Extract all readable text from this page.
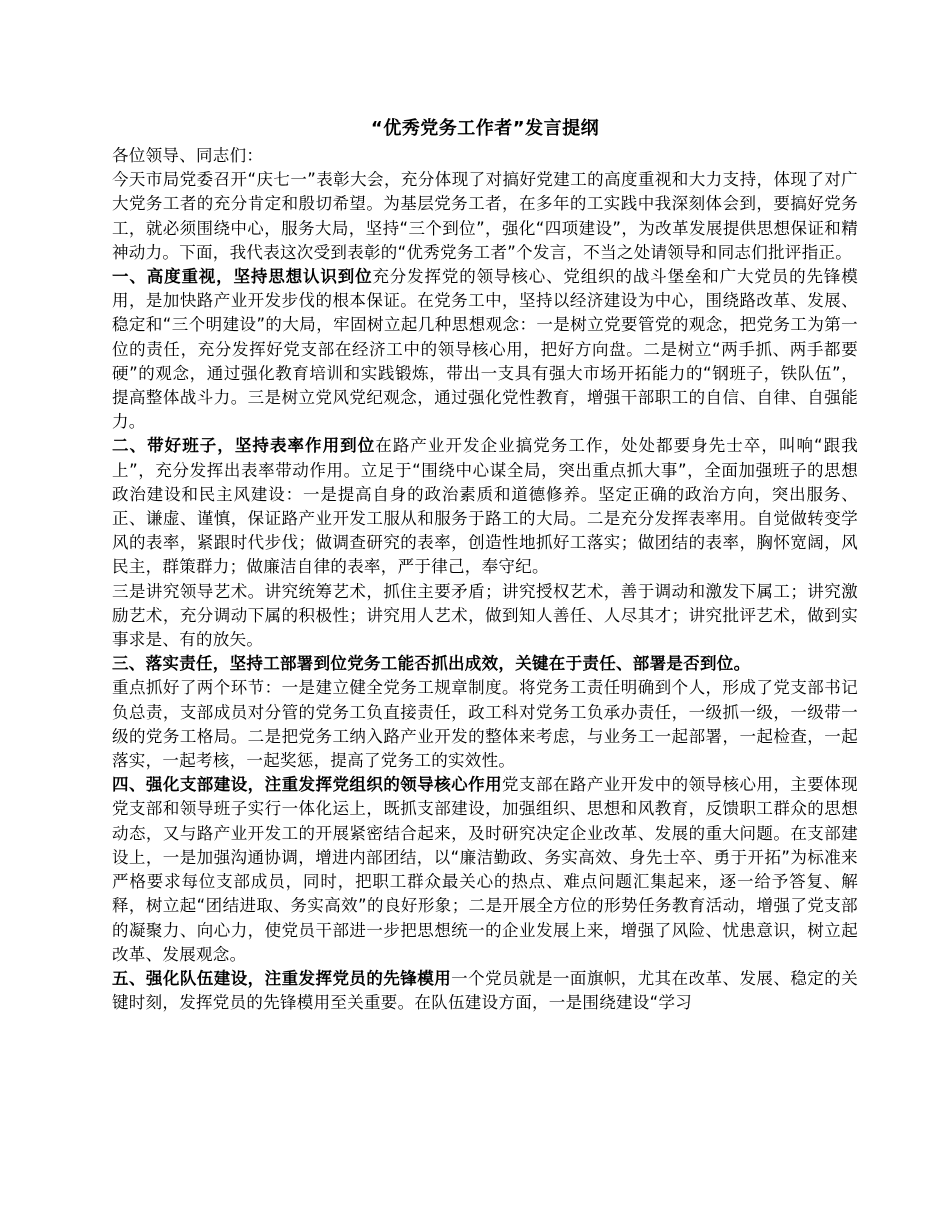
“优秀党务工作者”发言提纲

各位领导、同志们：

今天市局党委召开“庆七一”表彰大会，充分体现了对搞好党建工的高度重视和大力支持，体现了对广大党务工者的充分肯定和殷切希望。为基层党务工者，在多年的工实践中我深刻体会到，要搞好党务工，就必须围绕中心，服务大局，坚持“三个到位”，强化“四项建设”，为改革发展提供思想保证和精神动力。下面，我代表这次受到表彰的“优秀党务工者”个发言，不当之处请领导和同志们批评指正。

一、高度重视，坚持思想认识到位充分发挥党的领导核心、党组织的战斗堡垒和广大党员的先锋模用，是加快路产业开发步伐的根本保证。在党务工中，坚持以经济建设为中心，围绕路改革、发展、稳定和“三个明建设”的大局，牢固树立起几种思想观念：一是树立党要管党的观念，把党务工为第一位的责任，充分发挥好党支部在经济工中的领导核心用，把好方向盘。二是树立“两手抓、两手都要硬”的观念，通过强化教育培训和实践锻炼，带出一支具有强大市场开拓能力的“钢班子，铁队伍”，提高整体战斗力。三是树立党风党纪观念，通过强化党性教育，增强干部职工的自信、自律、自强能力。

二、带好班子，坚持表率作用到位在路产业开发企业搞党务工作，处处都要身先士卒，叫响“跟我上”，充分发挥出表率带动作用。立足于“围绕中心谋全局，突出重点抓大事”，全面加强班子的思想政治建设和民主风建设：一是提高自身的政治素质和道德修养。坚定正确的政治方向，突出服务、正、谦虚、谨慎，保证路产业开发工服从和服务于路工的大局。二是充分发挥表率用。自觉做转变学风的表率，紧跟时代步伐；做调查研究的表率，创造性地抓好工落实；做团结的表率，胸怀宽阔，风民主，群策群力；做廉洁自律的表率，严于律己，奉守纪。

三是讲究领导艺术。讲究统筹艺术，抓住主要矛盾；讲究授权艺术，善于调动和激发下属工；讲究激励艺术，充分调动下属的积极性；讲究用人艺术，做到知人善任、人尽其才；讲究批评艺术，做到实事求是、有的放矢。

三、落实责任，坚持工部署到位党务工能否抓出成效，关键在于责任、部署是否到位。

重点抓好了两个环节：一是建立健全党务工规章制度。将党务工责任明确到个人，形成了党支部书记负总责，支部成员对分管的党务工负直接责任，政工科对党务工负承办责任，一级抓一级，一级带一级的党务工格局。二是把党务工纳入路产业开发的整体来考虑，与业务工一起部署，一起检查，一起落实，一起考核，一起奖惩，提高了党务工的实效性。

四、强化支部建设，注重发挥党组织的领导核心作用党支部在路产业开发中的领导核心用，主要体现党支部和领导班子实行一体化运上，既抓支部建设，加强组织、思想和风教育，反馈职工群众的思想动态，又与路产业开发工的开展紧密结合起来，及时研究决定企业改革、发展的重大问题。在支部建设上，一是加强沟通协调，增进内部团结，以“廉洁勤政、务实高效、身先士卒、勇于开拓”为标准来严格要求每位支部成员，同时，把职工群众最关心的热点、难点问题汇集起来，逐一给予答复、解释，树立起“团结进取、务实高效”的良好形象；二是开展全方位的形势任务教育活动，增强了党支部的凝聚力、向心力，使党员干部进一步把思想统一的企业发展上来，增强了风险、忧患意识，树立起改革、发展观念。

五、强化队伍建设，注重发挥党员的先锋模用一个党员就是一面旗帜，尤其在改革、发展、稳定的关键时刻，发挥党员的先锋模用至关重要。在队伍建设方面，一是围绕建设“学习
